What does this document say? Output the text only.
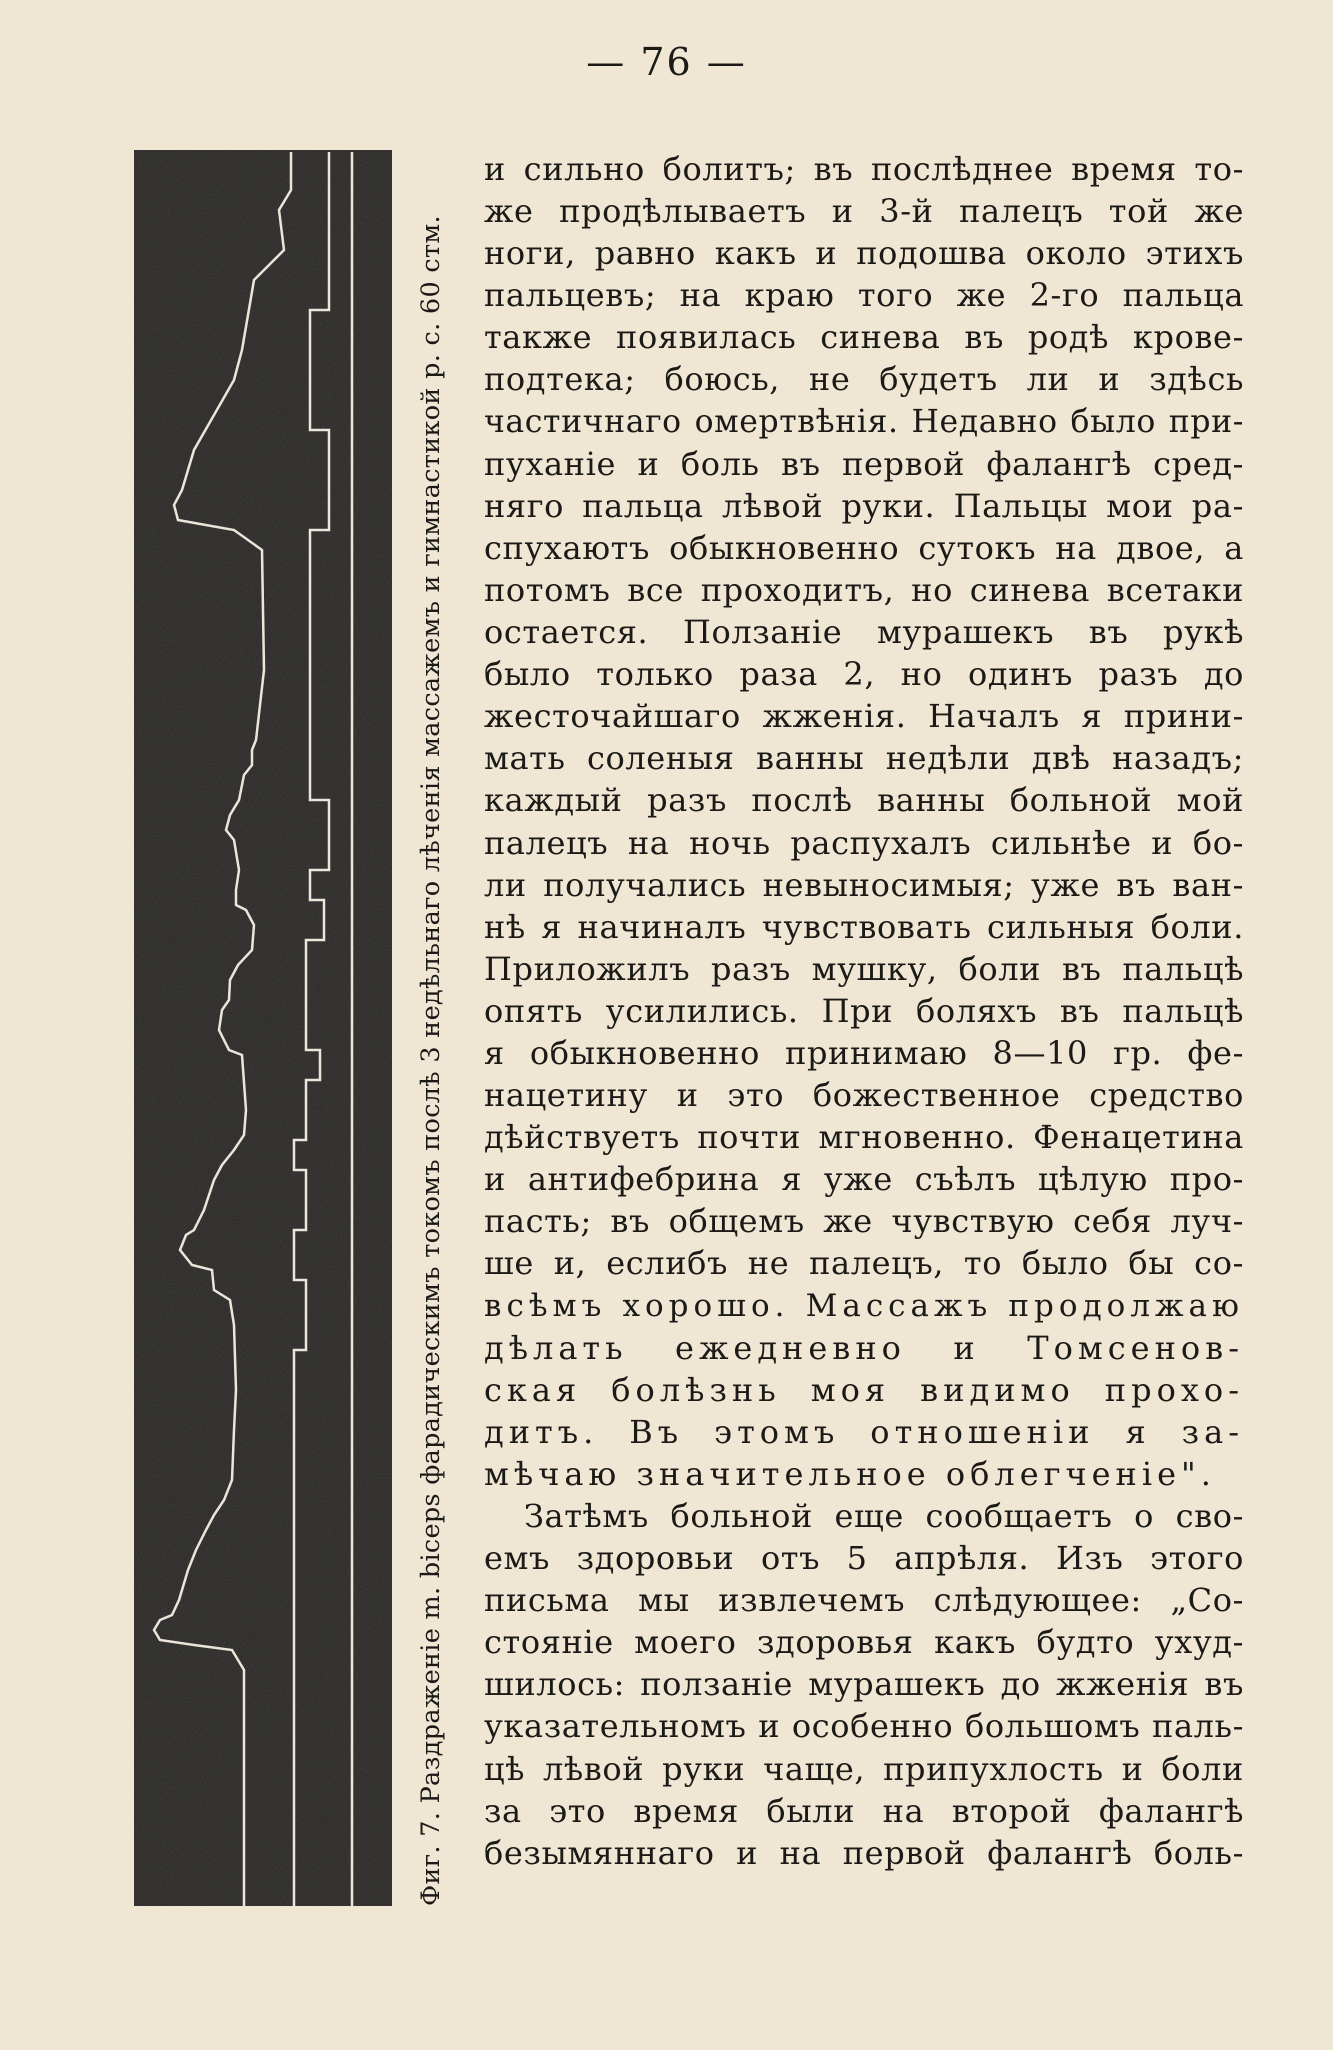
— 76 —
Фиг. 7. Раздраженіе m. biceps фарадическимъ токомъ послѣ 3 недѣльнаго лѣченія массажемъ и гимнастикой р. с. 60 стм.
и сильно болитъ; въ послѣднее время то-
же продѣлываетъ и 3-й палецъ той же
ноги, равно какъ и подошва около этихъ
пальцевъ; на краю того же 2-го пальца
также появилась синева въ родѣ крове-
подтека; боюсь, не будетъ ли и здѣсь
частичнаго омертвѣнія. Недавно было при-
пуханіе и боль въ первой фалангѣ сред-
няго пальца лѣвой руки. Пальцы мои ра-
спухаютъ обыкновенно сутокъ на двое, а
потомъ все проходитъ, но синева всетаки
остается. Ползаніе мурашекъ въ рукѣ
было только раза 2, но одинъ разъ до
жесточайшаго жженія. Началъ я прини-
мать соленыя ванны недѣли двѣ назадъ;
каждый разъ послѣ ванны больной мой
палецъ на ночь распухалъ сильнѣе и бо-
ли получались невыносимыя; уже въ ван-
нѣ я начиналъ чувствовать сильныя боли.
Приложилъ разъ мушку, боли въ пальцѣ
опять усилились. При боляхъ въ пальцѣ
я обыкновенно принимаю 8—10 гр. фе-
нацетину и это божественное средство
дѣйствуетъ почти мгновенно. Фенацетина
и антифебрина я уже съѣлъ цѣлую про-
пасть; въ общемъ же чувствую себя луч-
ше и, еслибъ не палецъ, то было бы со-
всѣмъ хорошо. Массажъ продолжаю
дѣлать ежедневно и Томсенов-
ская болѣзнь моя видимо прохо-
дитъ. Въ этомъ отношеніи я за-
мѣчаю значительное облегченіе".
Затѣмъ больной еще сообщаетъ о сво-
емъ здоровьи отъ 5 апрѣля. Изъ этого
письма мы извлечемъ слѣдующее: „Со-
стояніе моего здоровья какъ будто ухуд-
шилось: ползаніе мурашекъ до жженія въ
указательномъ и особенно большомъ паль-
цѣ лѣвой руки чаще, припухлость и боли
за это время были на второй фалангѣ
безымяннаго и на первой фалангѣ боль-
